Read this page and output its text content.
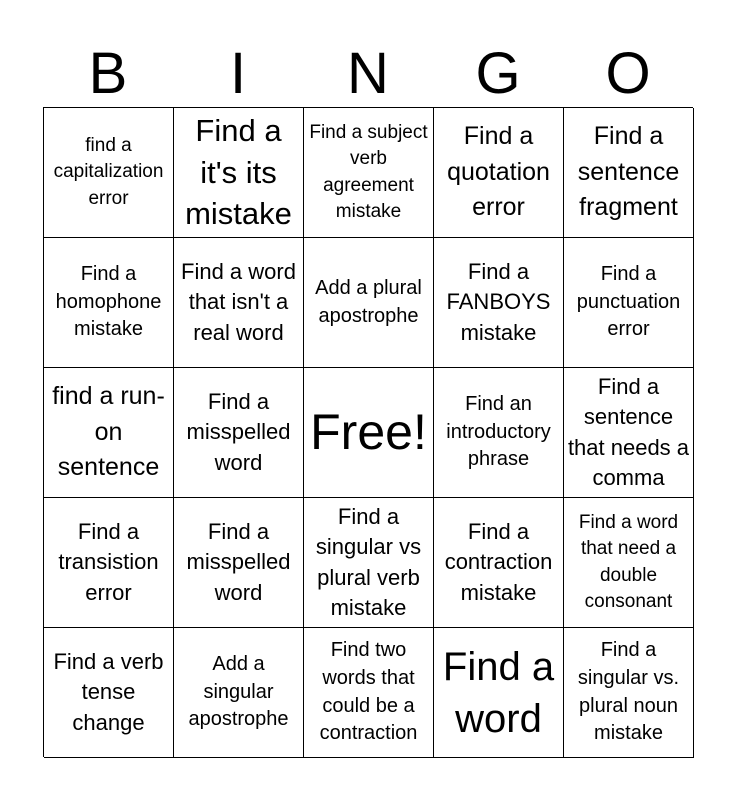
B	I	N	G	O
find a capitalization error
Find a it's its mistake
Find a subject verb agreement mistake
Find a quotation error
Find a sentence fragment
Find a homophone mistake
Find a word that isn't a real word
Add a plural apostrophe
Find a FANBOYS mistake
Find a punctuation error
find a run-on sentence
Find a misspelled word
Free!	Find an introductory phrase
Find a sentence that needs a comma
Find a transistion error
Find a misspelled word
Find a singular vs plural verb mistake
Find a contraction mistake
Find a word that need a double consonant
Find a verb tense change
Add a singular apostrophe
Find two words that could be a contraction
Find a word
Find a singular vs. plural noun mistake
